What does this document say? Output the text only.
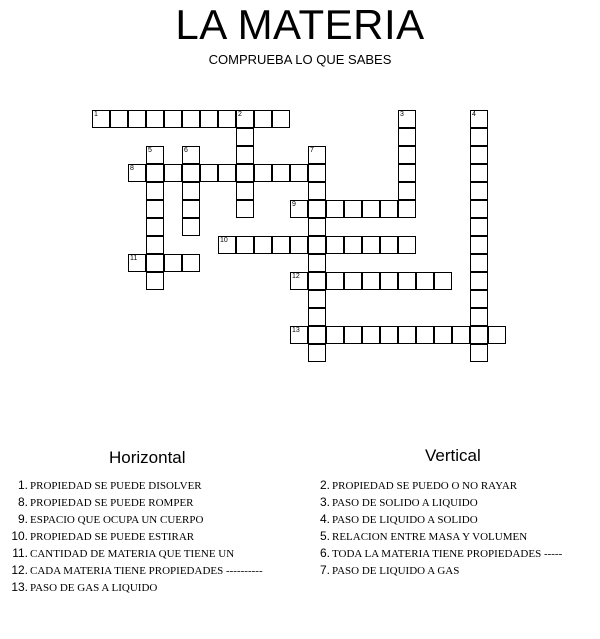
LA MATERIA
COMPRUEBA LO QUE SABES
1	2	3	4
5	6	7
8
9
10
11
12
13
Horizontal	Vertical
1. PROPIEDAD SE PUEDE DISOLVER
8. PROPIEDAD SE PUEDE ROMPER
9. ESPACIO QUE OCUPA UN CUERPO
10. PROPIEDAD SE PUEDE ESTIRAR
11. CANTIDAD DE MATERIA QUE TIENE UN
12. CADA MATERIA TIENE PROPIEDADES ----------
13. PASO DE GAS A LIQUIDO
2. PROPIEDAD SE PUEDO O NO RAYAR
3. PASO DE SOLIDO A LIQUIDO
4. PASO DE LIQUIDO A SOLIDO
5. RELACION ENTRE MASA Y VOLUMEN
6. TODA LA MATERIA TIENE PROPIEDADES -----
7. PASO DE LIQUIDO A GAS
